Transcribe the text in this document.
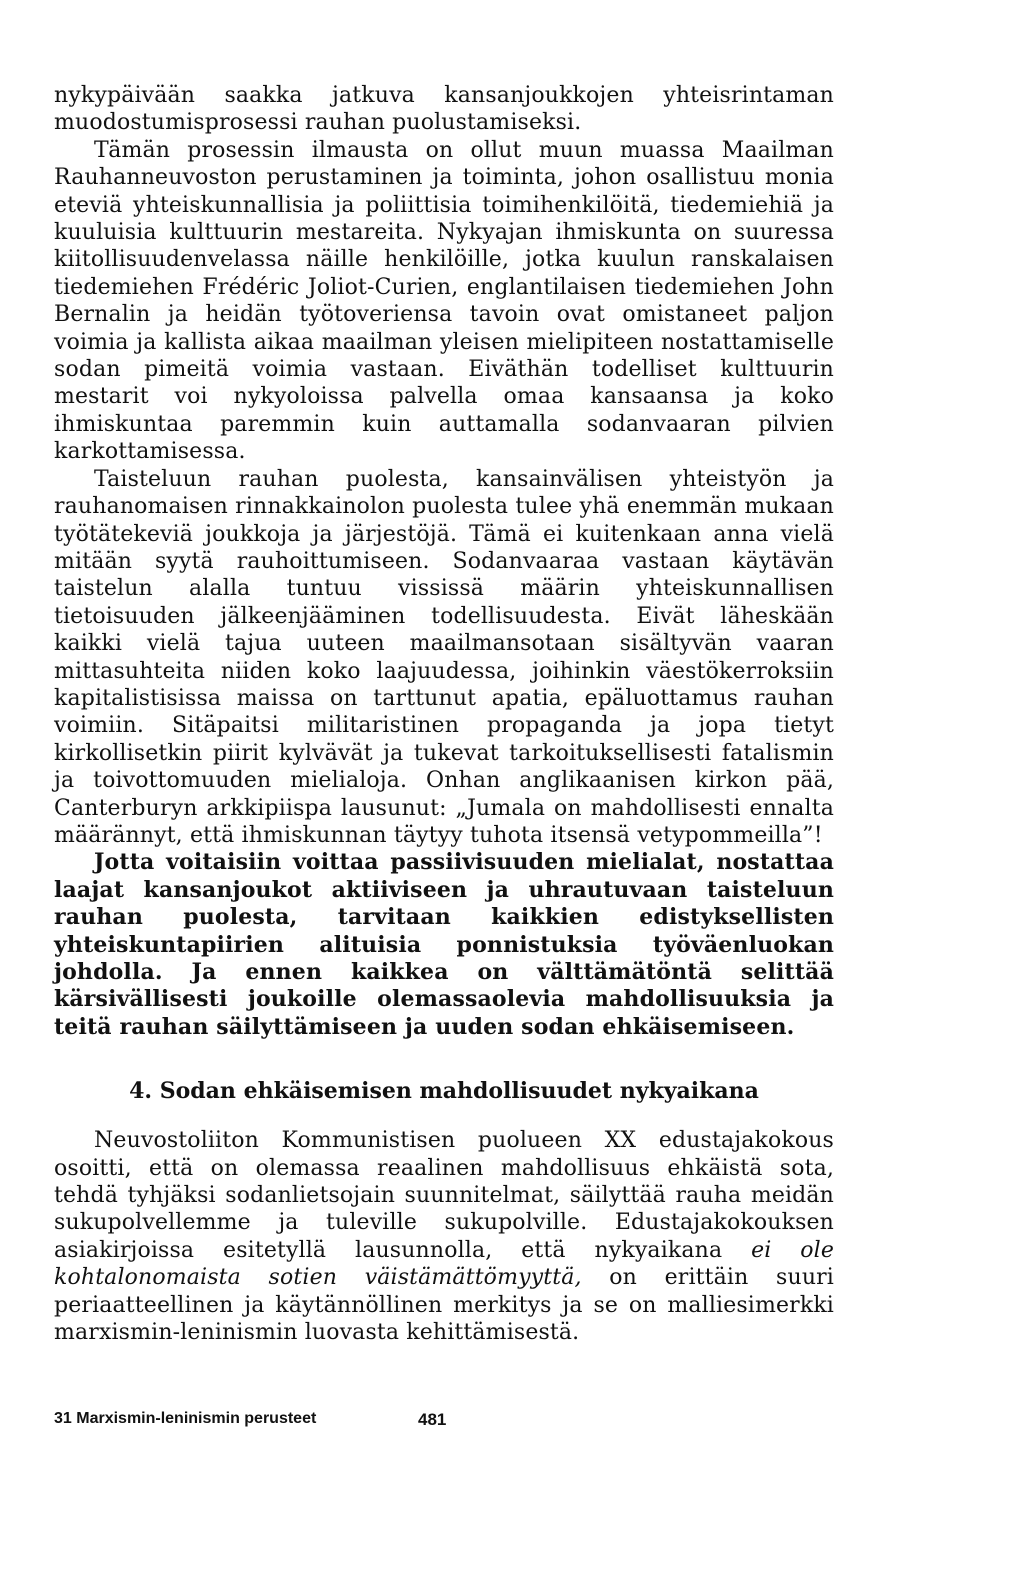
nykypäivään saakka jatkuva kansanjoukkojen yhteisrintaman muodostumisprosessi rauhan puolustamiseksi.

Tämän prosessin ilmausta on ollut muun muassa Maailman Rauhanneuvoston perustaminen ja toiminta, johon osallistuu monia eteviä yhteiskunnallisia ja poliittisia toimihenkilöitä, tiedemiehiä ja kuuluisia kulttuurin mestareita. Nykyajan ihmiskunta on suuressa kiitollisuudenvelassa näille henkilöille, jotka kuulun ranskalaisen tiedemiehen Frédéric Joliot-Curien, englantilaisen tiedemiehen John Bernalin ja heidän työtoveriensa tavoin ovat omistaneet paljon voimia ja kallista aikaa maailman yleisen mielipiteen nostattamiselle sodan pimeitä voimia vastaan. Eiväthän todelliset kulttuurin mestarit voi nykyoloissa palvella omaa kansaansa ja koko ihmiskuntaa paremmin kuin auttamalla sodanvaaran pilvien karkottamisessa.

Taisteluun rauhan puolesta, kansainvälisen yhteistyön ja rauhanomaisen rinnakkainolon puolesta tulee yhä enemmän mukaan työtätekeviä joukkoja ja järjestöjä. Tämä ei kuitenkaan anna vielä mitään syytä rauhoittumiseen. Sodanvaaraa vastaan käytävän taistelun alalla tuntuu vississä määrin yhteiskunnallisen tietoisuuden jälkeenjääminen todellisuudesta. Eivät läheskään kaikki vielä tajua uuteen maailmansotaan sisältyvän vaaran mittasuhteita niiden koko laajuudessa, joihinkin väestökerroksiin kapitalistisissa maissa on tarttunut apatia, epäluottamus rauhan voimiin. Sitäpaitsi militaristinen propaganda ja jopa tietyt kirkollisetkin piirit kylvävät ja tukevat tarkoituksellisesti fatalismin ja toivottomuuden mielialoja. Onhan anglikaanisen kirkon pää, Canterburyn arkkipiispa lausunut: „Jumala on mahdollisesti ennalta määrännyt, että ihmiskunnan täytyy tuhota itsensä vetypommeilla”!

Jotta voitaisiin voittaa passiivisuuden mielialat, nostattaa laajat kansanjoukot aktiiviseen ja uhrautuvaan taisteluun rauhan puolesta, tarvitaan kaikkien edistyksellisten yhteiskuntapiirien alituisia ponnistuksia työväenluokan johdolla. Ja ennen kaikkea on välttämätöntä selittää kärsivällisesti joukoille olemassaolevia mahdollisuuksia ja teitä rauhan säilyttämiseen ja uuden sodan ehkäisemiseen.

4. Sodan ehkäisemisen mahdollisuudet nykyaikana

Neuvostoliiton Kommunistisen puolueen XX edustajakokous osoitti, että on olemassa reaalinen mahdollisuus ehkäistä sota, tehdä tyhjäksi sodanlietsojain suunnitelmat, säilyttää rauha meidän sukupolvellemme ja tuleville sukupolville. Edustajakokouksen asiakirjoissa esitetyllä lausunnolla, että nykyaikana ei ole kohtalonomaista sotien väistämättömyyttä, on erittäin suuri periaatteellinen ja käytännöllinen merkitys ja se on malliesimerkki marxismin-leninismin luovasta kehittämisestä.

31 Marxismin-leninismin perusteet	481
